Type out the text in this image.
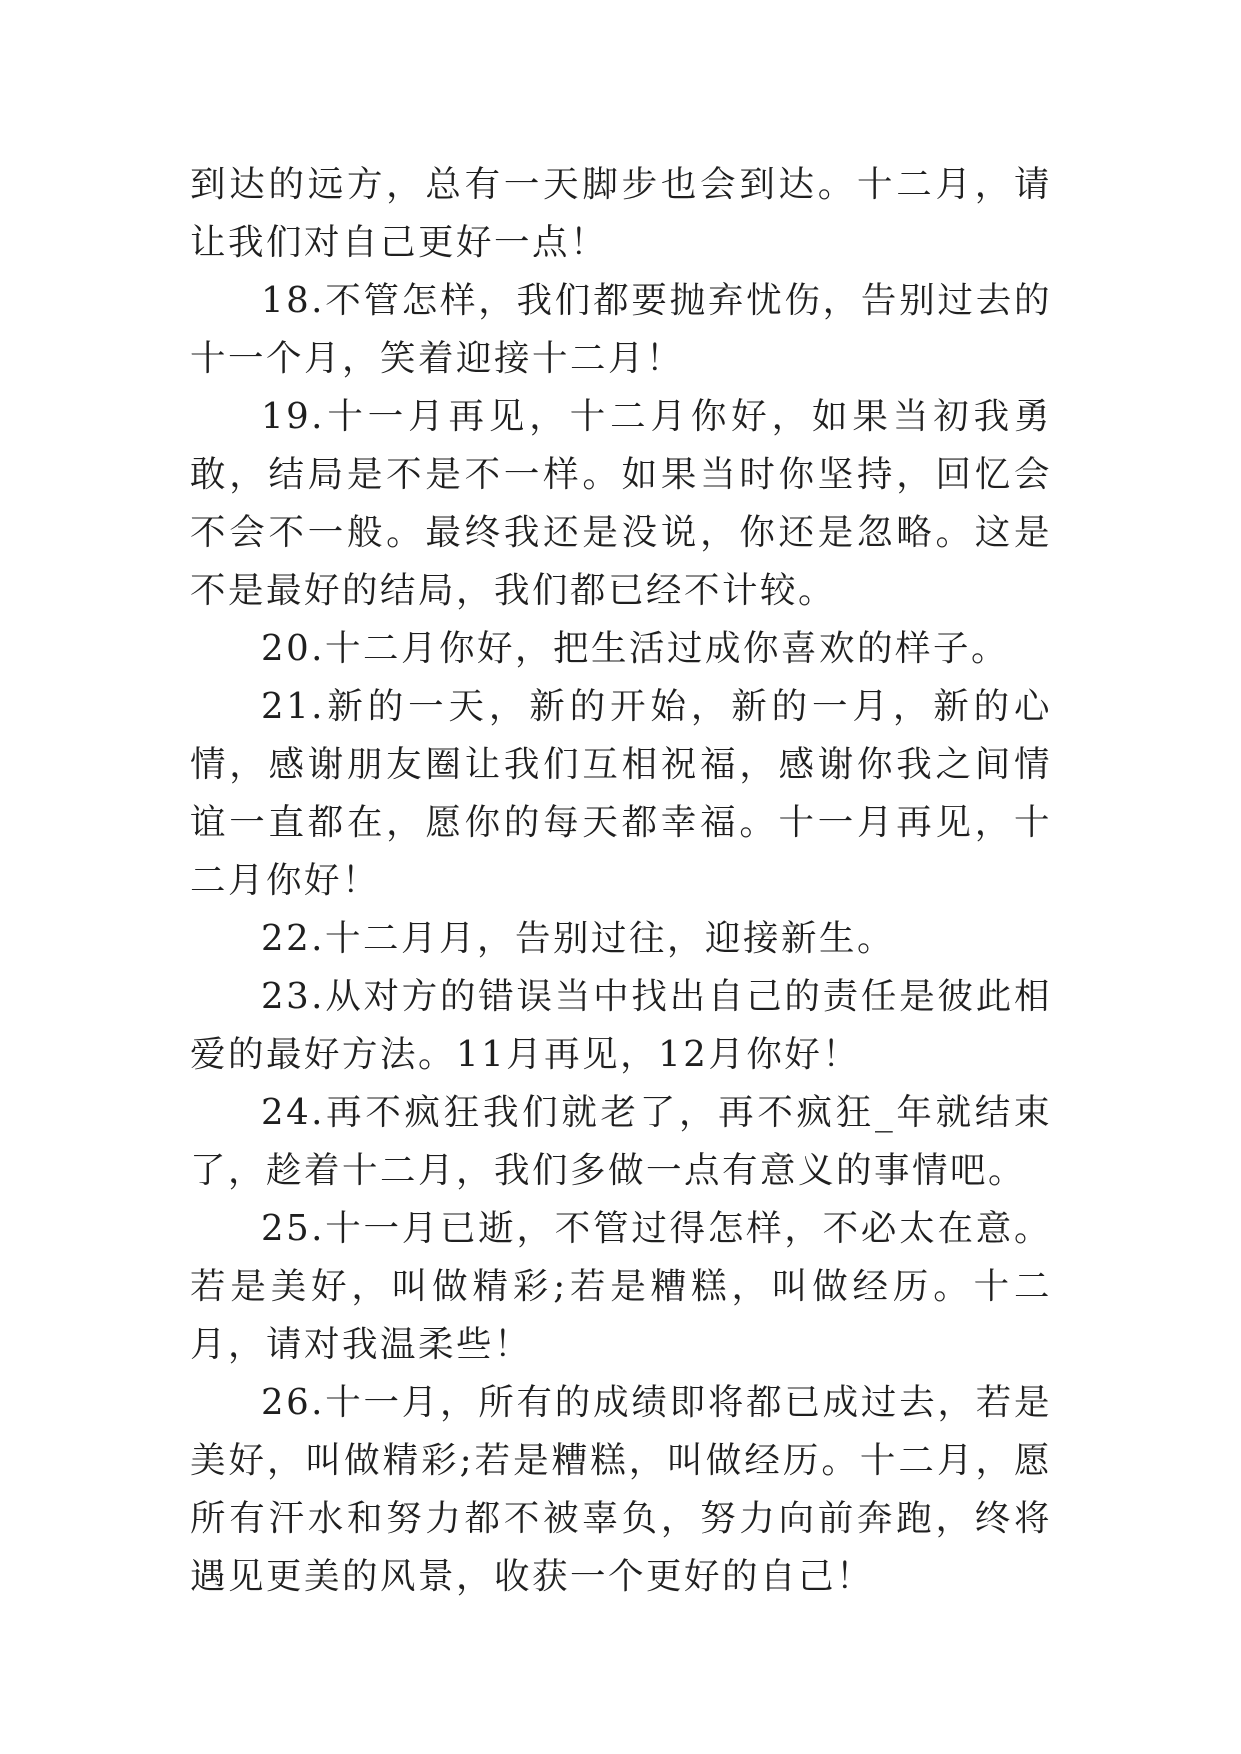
到达的远方，总有一天脚步也会到达。十二月，请让我们对自己更好一点！

18.不管怎样，我们都要抛弃忧伤，告别过去的十一个月，笑着迎接十二月！

19.十一月再见，十二月你好，如果当初我勇敢，结局是不是不一样。如果当时你坚持，回忆会不会不一般。最终我还是没说，你还是忽略。这是不是最好的结局，我们都已经不计较。

20.十二月你好，把生活过成你喜欢的样子。

21.新的一天，新的开始，新的一月，新的心情，感谢朋友圈让我们互相祝福，感谢你我之间情谊一直都在，愿你的每天都幸福。十一月再见，十二月你好！

22.十二月月，告别过往，迎接新生。

23.从对方的错误当中找出自己的责任是彼此相爱的最好方法。11月再见，12月你好！

24.再不疯狂我们就老了，再不疯狂_年就结束了，趁着十二月，我们多做一点有意义的事情吧。

25.十一月已逝，不管过得怎样，不必太在意。若是美好，叫做精彩;若是糟糕，叫做经历。十二月，请对我温柔些！

26.十一月，所有的成绩即将都已成过去，若是美好，叫做精彩;若是糟糕，叫做经历。十二月，愿所有汗水和努力都不被辜负，努力向前奔跑，终将遇见更美的风景，收获一个更好的自己！
